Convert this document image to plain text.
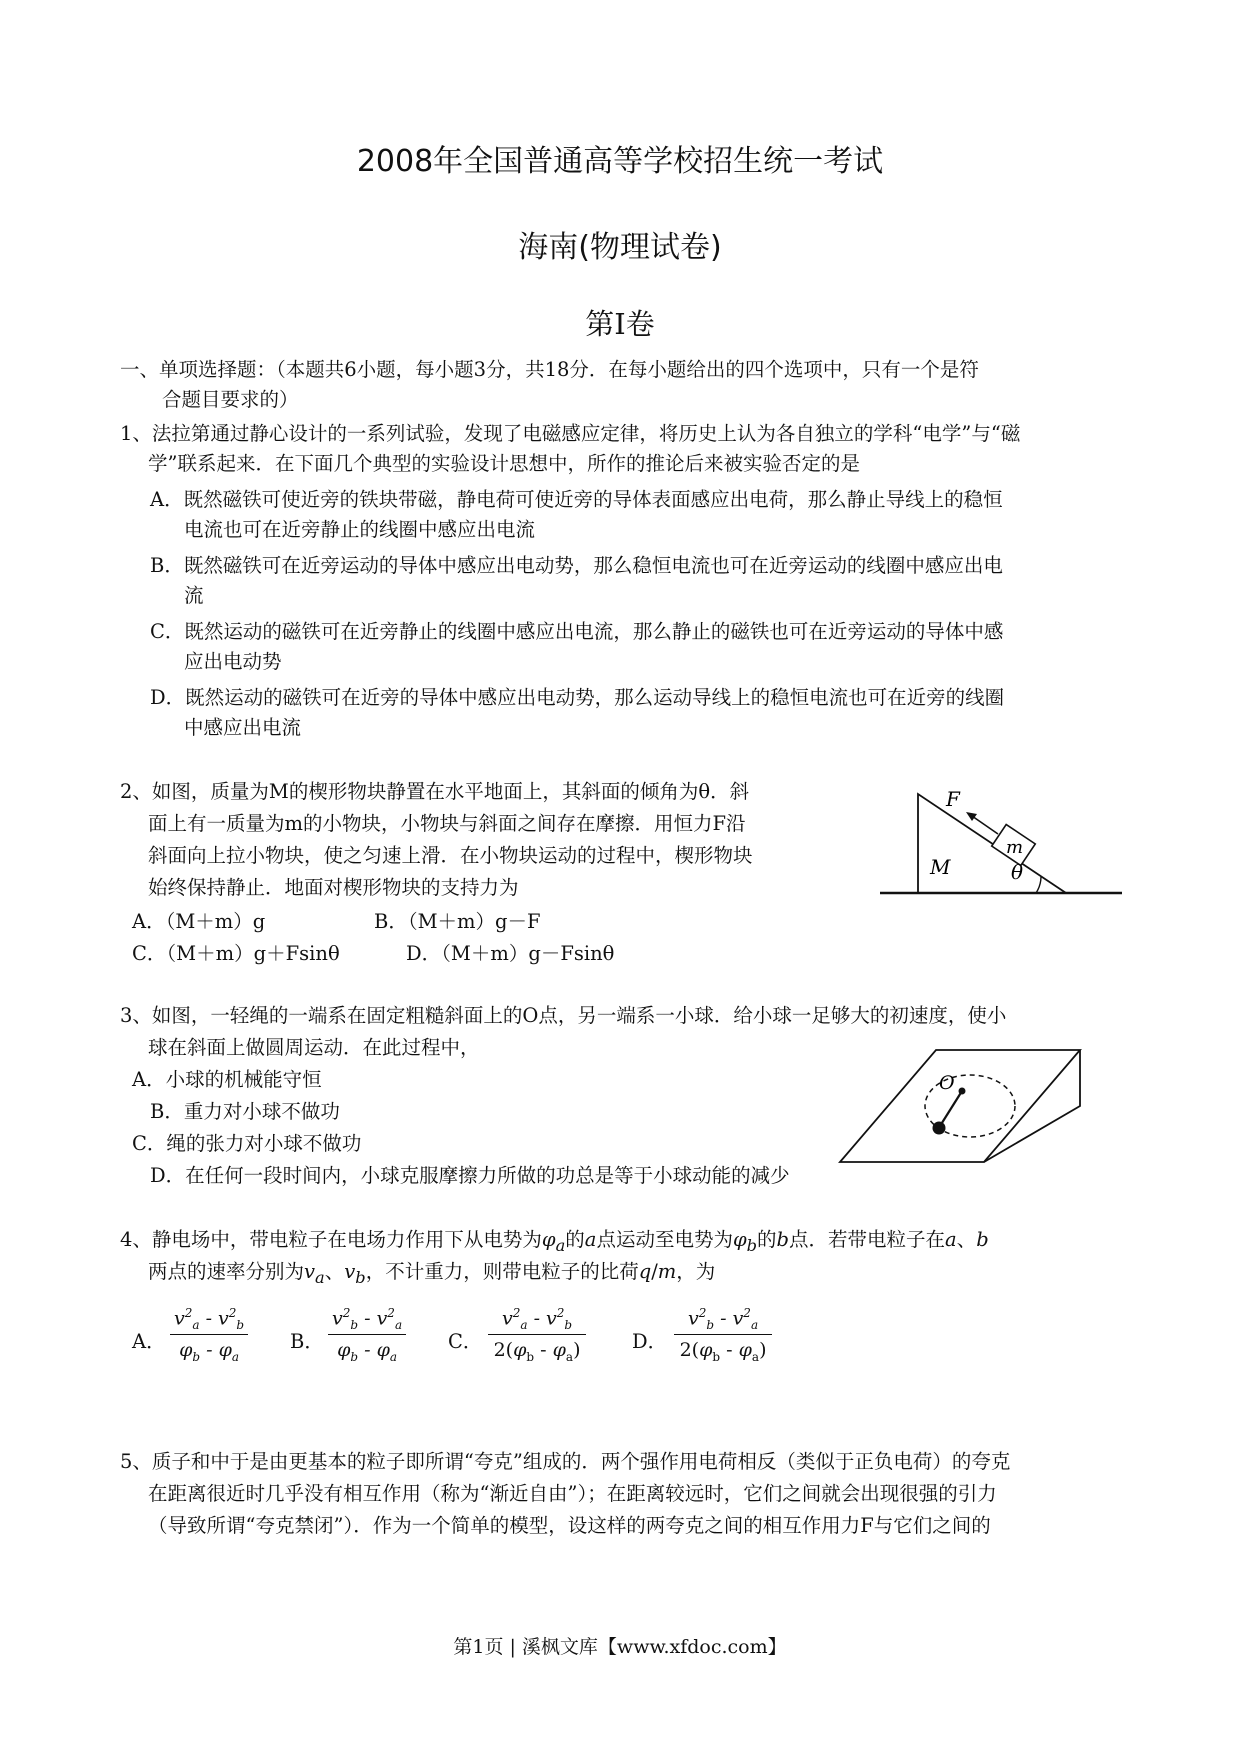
2008年全国普通高等学校招生统一考试
海南(物理试卷)
第Ⅰ卷
一、单项选择题：（本题共6小题，每小题3分，共18分．在每小题给出的四个选项中，只有一个是符
合题目要求的）
1、法拉第通过静心设计的一系列试验，发现了电磁感应定律，将历史上认为各自独立的学科“电学”与“磁
学”联系起来．在下面几个典型的实验设计思想中，所作的推论后来被实验否定的是
A．既然磁铁可使近旁的铁块带磁，静电荷可使近旁的导体表面感应出电荷，那么静止导线上的稳恒
电流也可在近旁静止的线圈中感应出电流
B．既然磁铁可在近旁运动的导体中感应出电动势，那么稳恒电流也可在近旁运动的线圈中感应出电
流
C．既然运动的磁铁可在近旁静止的线圈中感应出电流，那么静止的磁铁也可在近旁运动的导体中感
应出电动势
D．既然运动的磁铁可在近旁的导体中感应出电动势，那么运动导线上的稳恒电流也可在近旁的线圈
中感应出电流
2、如图，质量为M的楔形物块静置在水平地面上，其斜面的倾角为θ．斜
面上有一质量为m的小物块，小物块与斜面之间存在摩擦．用恒力F沿
斜面向上拉小物块，使之匀速上滑．在小物块运动的过程中，楔形物块
始终保持静止．地面对楔形物块的支持力为
A．（M＋m）g	B．（M＋m）g－F
C．（M＋m）g＋Fsinθ	D．（M＋m）g－Fsinθ
F
m
M	θ
3、如图，一轻绳的一端系在固定粗糙斜面上的O点，另一端系一小球．给小球一足够大的初速度，使小
球在斜面上做圆周运动．在此过程中，
A．小球的机械能守恒
B．重力对小球不做功
C．绳的张力对小球不做功
D．在任何一段时间内，小球克服摩擦力所做的功总是等于小球动能的减少
O
4、静电场中，带电粒子在电场力作用下从电势为$\varphi_a$的a点运动至电势为$\varphi_b$的b点．若带电粒子在a、b
两点的速率分别为$v_a$、$v_b$，不计重力，则带电粒子的比荷q/m，为
A． $\frac{v^2_a - v^2_b}{\varphi_b - \varphi_a}$ B． $\frac{v^2_b - v^2_a}{\varphi_b - \varphi_a}$ C． $\frac{v^2_a - v^2_b}{2(\varphi_b - \varphi_a)}$ D． $\frac{v^2_b - v^2_a}{2(\varphi_b - \varphi_a)}$
5、质子和中于是由更基本的粒子即所谓“夸克”组成的．两个强作用电荷相反（类似于正负电荷）的夸克
在距离很近时几乎没有相互作用（称为“渐近自由”）；在距离较远时，它们之间就会出现很强的引力
（导致所谓“夸克禁闭”）．作为一个简单的模型，设这样的两夸克之间的相互作用力F与它们之间的
第1页 | 溪枫文库【www.xfdoc.com】
